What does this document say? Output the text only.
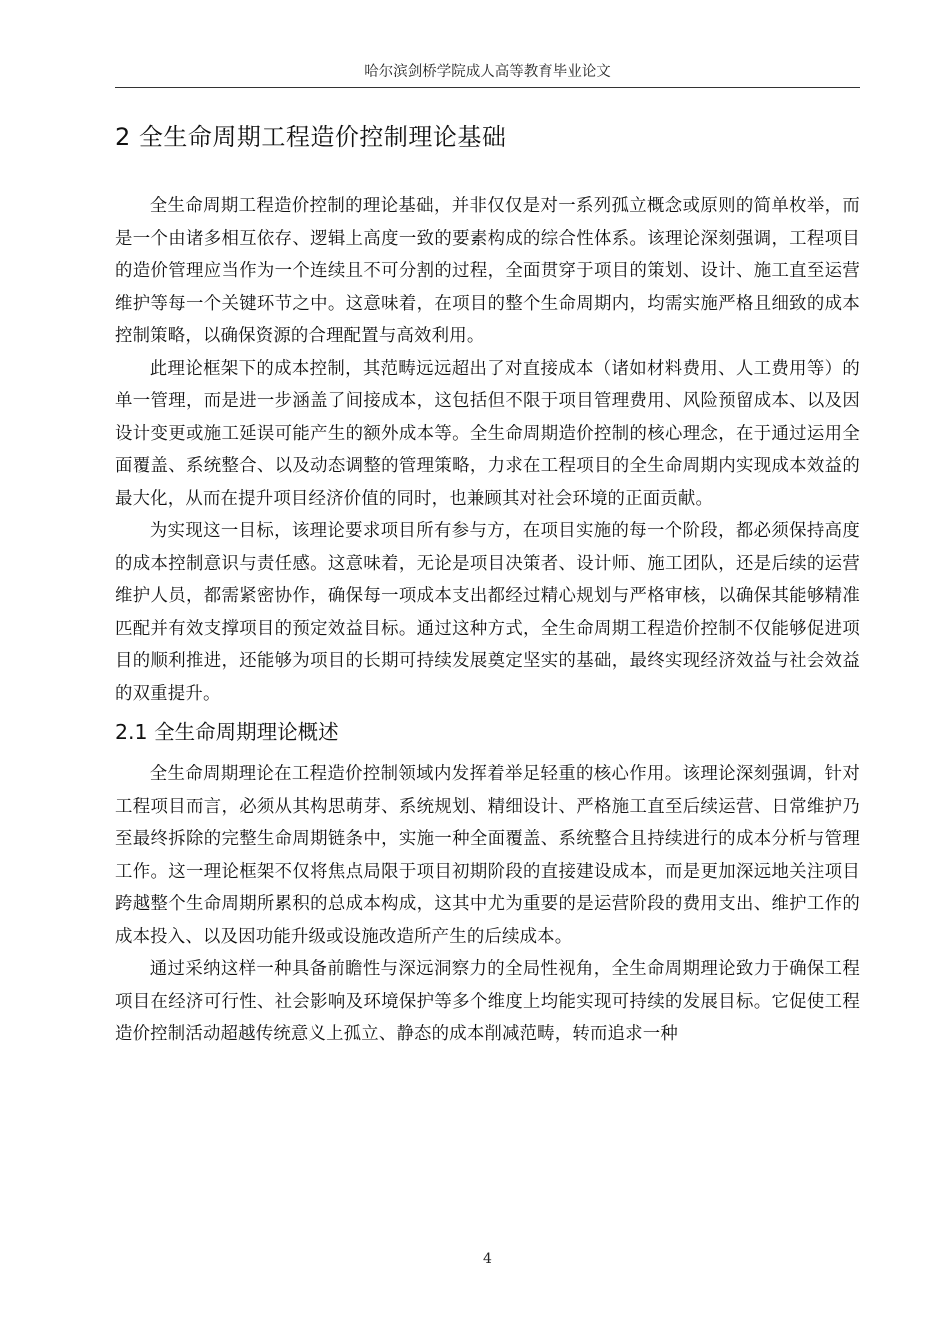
哈尔滨剑桥学院成人高等教育毕业论文
2 全生命周期工程造价控制理论基础

全生命周期工程造价控制的理论基础，并非仅仅是对一系列孤立概念或原则的简单枚举，而是一个由诸多相互依存、逻辑上高度一致的要素构成的综合性体系。该理论深刻强调，工程项目的造价管理应当作为一个连续且不可分割的过程，全面贯穿于项目的策划、设计、施工直至运营维护等每一个关键环节之中。这意味着，在项目的整个生命周期内，均需实施严格且细致的成本控制策略，以确保资源的合理配置与高效利用。

此理论框架下的成本控制，其范畴远远超出了对直接成本（诸如材料费用、人工费用等）的单一管理，而是进一步涵盖了间接成本，这包括但不限于项目管理费用、风险预留成本、以及因设计变更或施工延误可能产生的额外成本等。全生命周期造价控制的核心理念，在于通过运用全面覆盖、系统整合、以及动态调整的管理策略，力求在工程项目的全生命周期内实现成本效益的最大化，从而在提升项目经济价值的同时，也兼顾其对社会环境的正面贡献。

为实现这一目标，该理论要求项目所有参与方，在项目实施的每一个阶段，都必须保持高度的成本控制意识与责任感。这意味着，无论是项目决策者、设计师、施工团队，还是后续的运营维护人员，都需紧密协作，确保每一项成本支出都经过精心规划与严格审核，以确保其能够精准匹配并有效支撑项目的预定效益目标。通过这种方式，全生命周期工程造价控制不仅能够促进项目的顺利推进，还能够为项目的长期可持续发展奠定坚实的基础，最终实现经济效益与社会效益的双重提升。

2.1 全生命周期理论概述

全生命周期理论在工程造价控制领域内发挥着举足轻重的核心作用。该理论深刻强调，针对工程项目而言，必须从其构思萌芽、系统规划、精细设计、严格施工直至后续运营、日常维护乃至最终拆除的完整生命周期链条中，实施一种全面覆盖、系统整合且持续进行的成本分析与管理工作。这一理论框架不仅将焦点局限于项目初期阶段的直接建设成本，而是更加深远地关注项目跨越整个生命周期所累积的总成本构成，这其中尤为重要的是运营阶段的费用支出、维护工作的成本投入、以及因功能升级或设施改造所产生的后续成本。

通过采纳这样一种具备前瞻性与深远洞察力的全局性视角，全生命周期理论致力于确保工程项目在经济可行性、社会影响及环境保护等多个维度上均能实现可持续的发展目标。它促使工程造价控制活动超越传统意义上孤立、静态的成本削减范畴，转而追求一种

4
